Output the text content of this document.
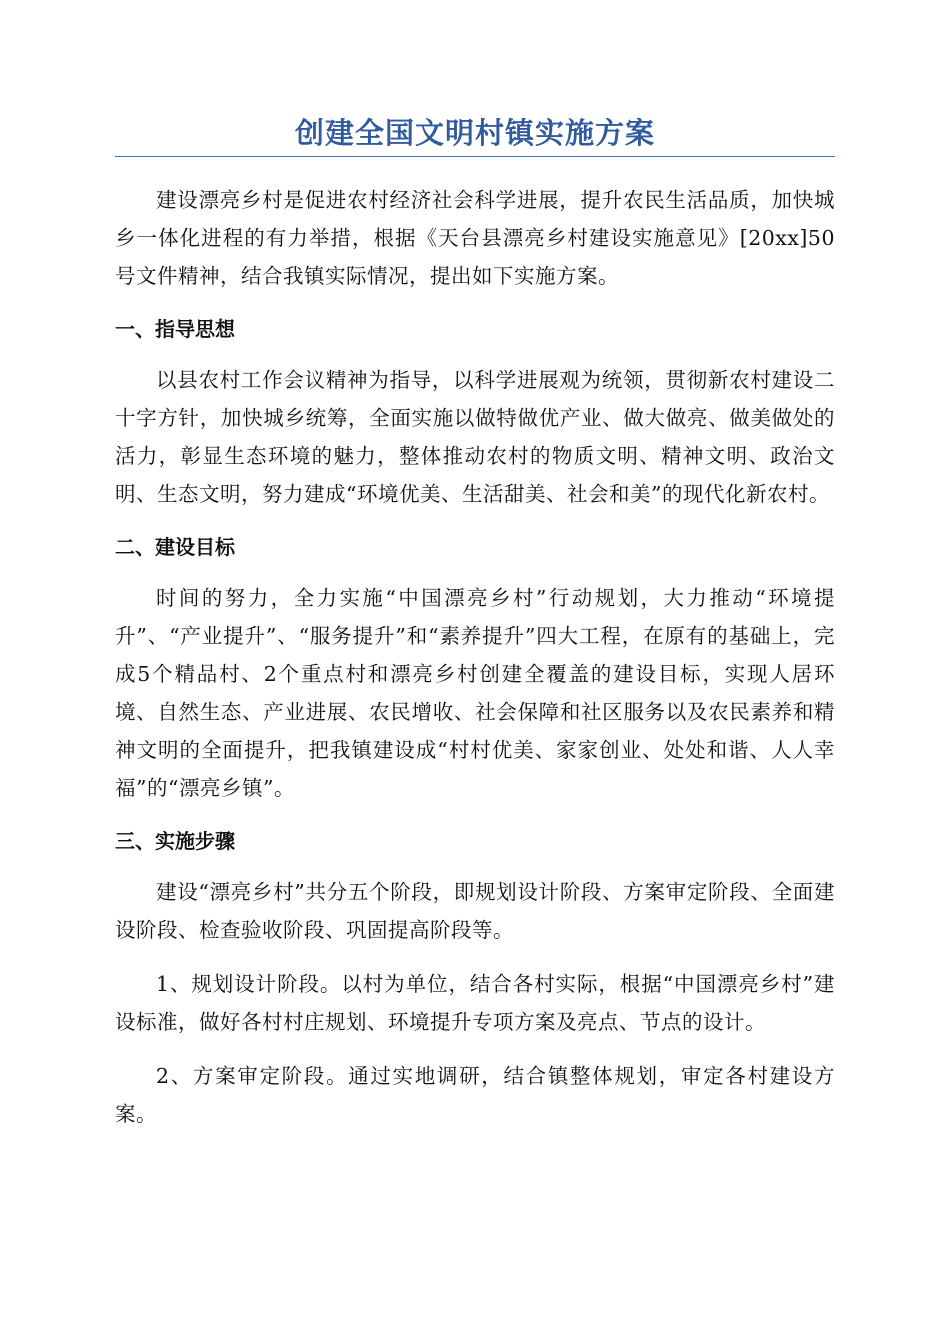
创建全国文明村镇实施方案

建设漂亮乡村是促进农村经济社会科学进展，提升农民生活品质，加快城乡一体化进程的有力举措，根据《天台县漂亮乡村建设实施意见》[20xx]50号文件精神，结合我镇实际情况，提出如下实施方案。

一、指导思想

以县农村工作会议精神为指导，以科学进展观为统领，贯彻新农村建设二十字方针，加快城乡统筹，全面实施以做特做优产业、做大做亮、做美做处的活力，彰显生态环境的魅力，整体推动农村的物质文明、精神文明、政治文明、生态文明，努力建成“环境优美、生活甜美、社会和美”的现代化新农村。

二、建设目标

时间的努力，全力实施“中国漂亮乡村”行动规划，大力推动“环境提升”、“产业提升”、“服务提升”和“素养提升”四大工程，在原有的基础上，完成5个精品村、2个重点村和漂亮乡村创建全覆盖的建设目标，实现人居环境、自然生态、产业进展、农民增收、社会保障和社区服务以及农民素养和精神文明的全面提升，把我镇建设成“村村优美、家家创业、处处和谐、人人幸福”的“漂亮乡镇”。

三、实施步骤

建设“漂亮乡村”共分五个阶段，即规划设计阶段、方案审定阶段、全面建设阶段、检查验收阶段、巩固提高阶段等。

1、规划设计阶段。以村为单位，结合各村实际，根据“中国漂亮乡村”建设标准，做好各村村庄规划、环境提升专项方案及亮点、节点的设计。

2、方案审定阶段。通过实地调研，结合镇整体规划，审定各村建设方案。
